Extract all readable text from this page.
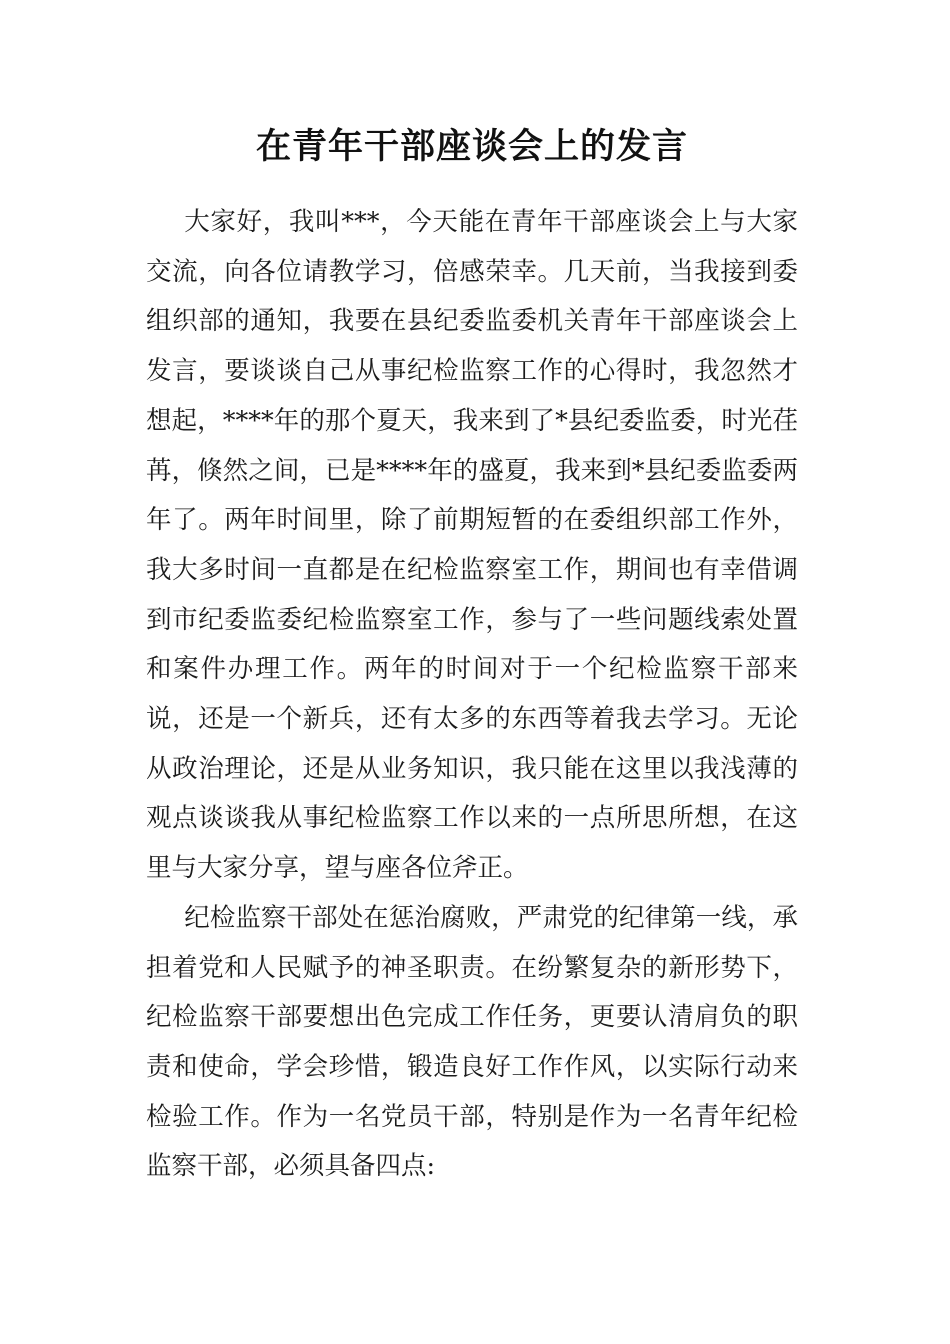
在青年干部座谈会上的发言

大家好，我叫***，今天能在青年干部座谈会上与大家交流，向各位请教学习，倍感荣幸。几天前，当我接到委组织部的通知，我要在县纪委监委机关青年干部座谈会上发言，要谈谈自己从事纪检监察工作的心得时，我忽然才想起，****年的那个夏天，我来到了*县纪委监委，时光荏苒，倏然之间，已是****年的盛夏，我来到*县纪委监委两年了。两年时间里，除了前期短暂的在委组织部工作外，我大多时间一直都是在纪检监察室工作，期间也有幸借调到市纪委监委纪检监察室工作，参与了一些问题线索处置和案件办理工作。两年的时间对于一个纪检监察干部来说，还是一个新兵，还有太多的东西等着我去学习。无论从政治理论，还是从业务知识，我只能在这里以我浅薄的观点谈谈我从事纪检监察工作以来的一点所思所想，在这里与大家分享，望与座各位斧正。

纪检监察干部处在惩治腐败，严肃党的纪律第一线，承担着党和人民赋予的神圣职责。在纷繁复杂的新形势下，纪检监察干部要想出色完成工作任务，更要认清肩负的职责和使命，学会珍惜，锻造良好工作作风，以实际行动来检验工作。作为一名党员干部，特别是作为一名青年纪检监察干部，必须具备四点:
